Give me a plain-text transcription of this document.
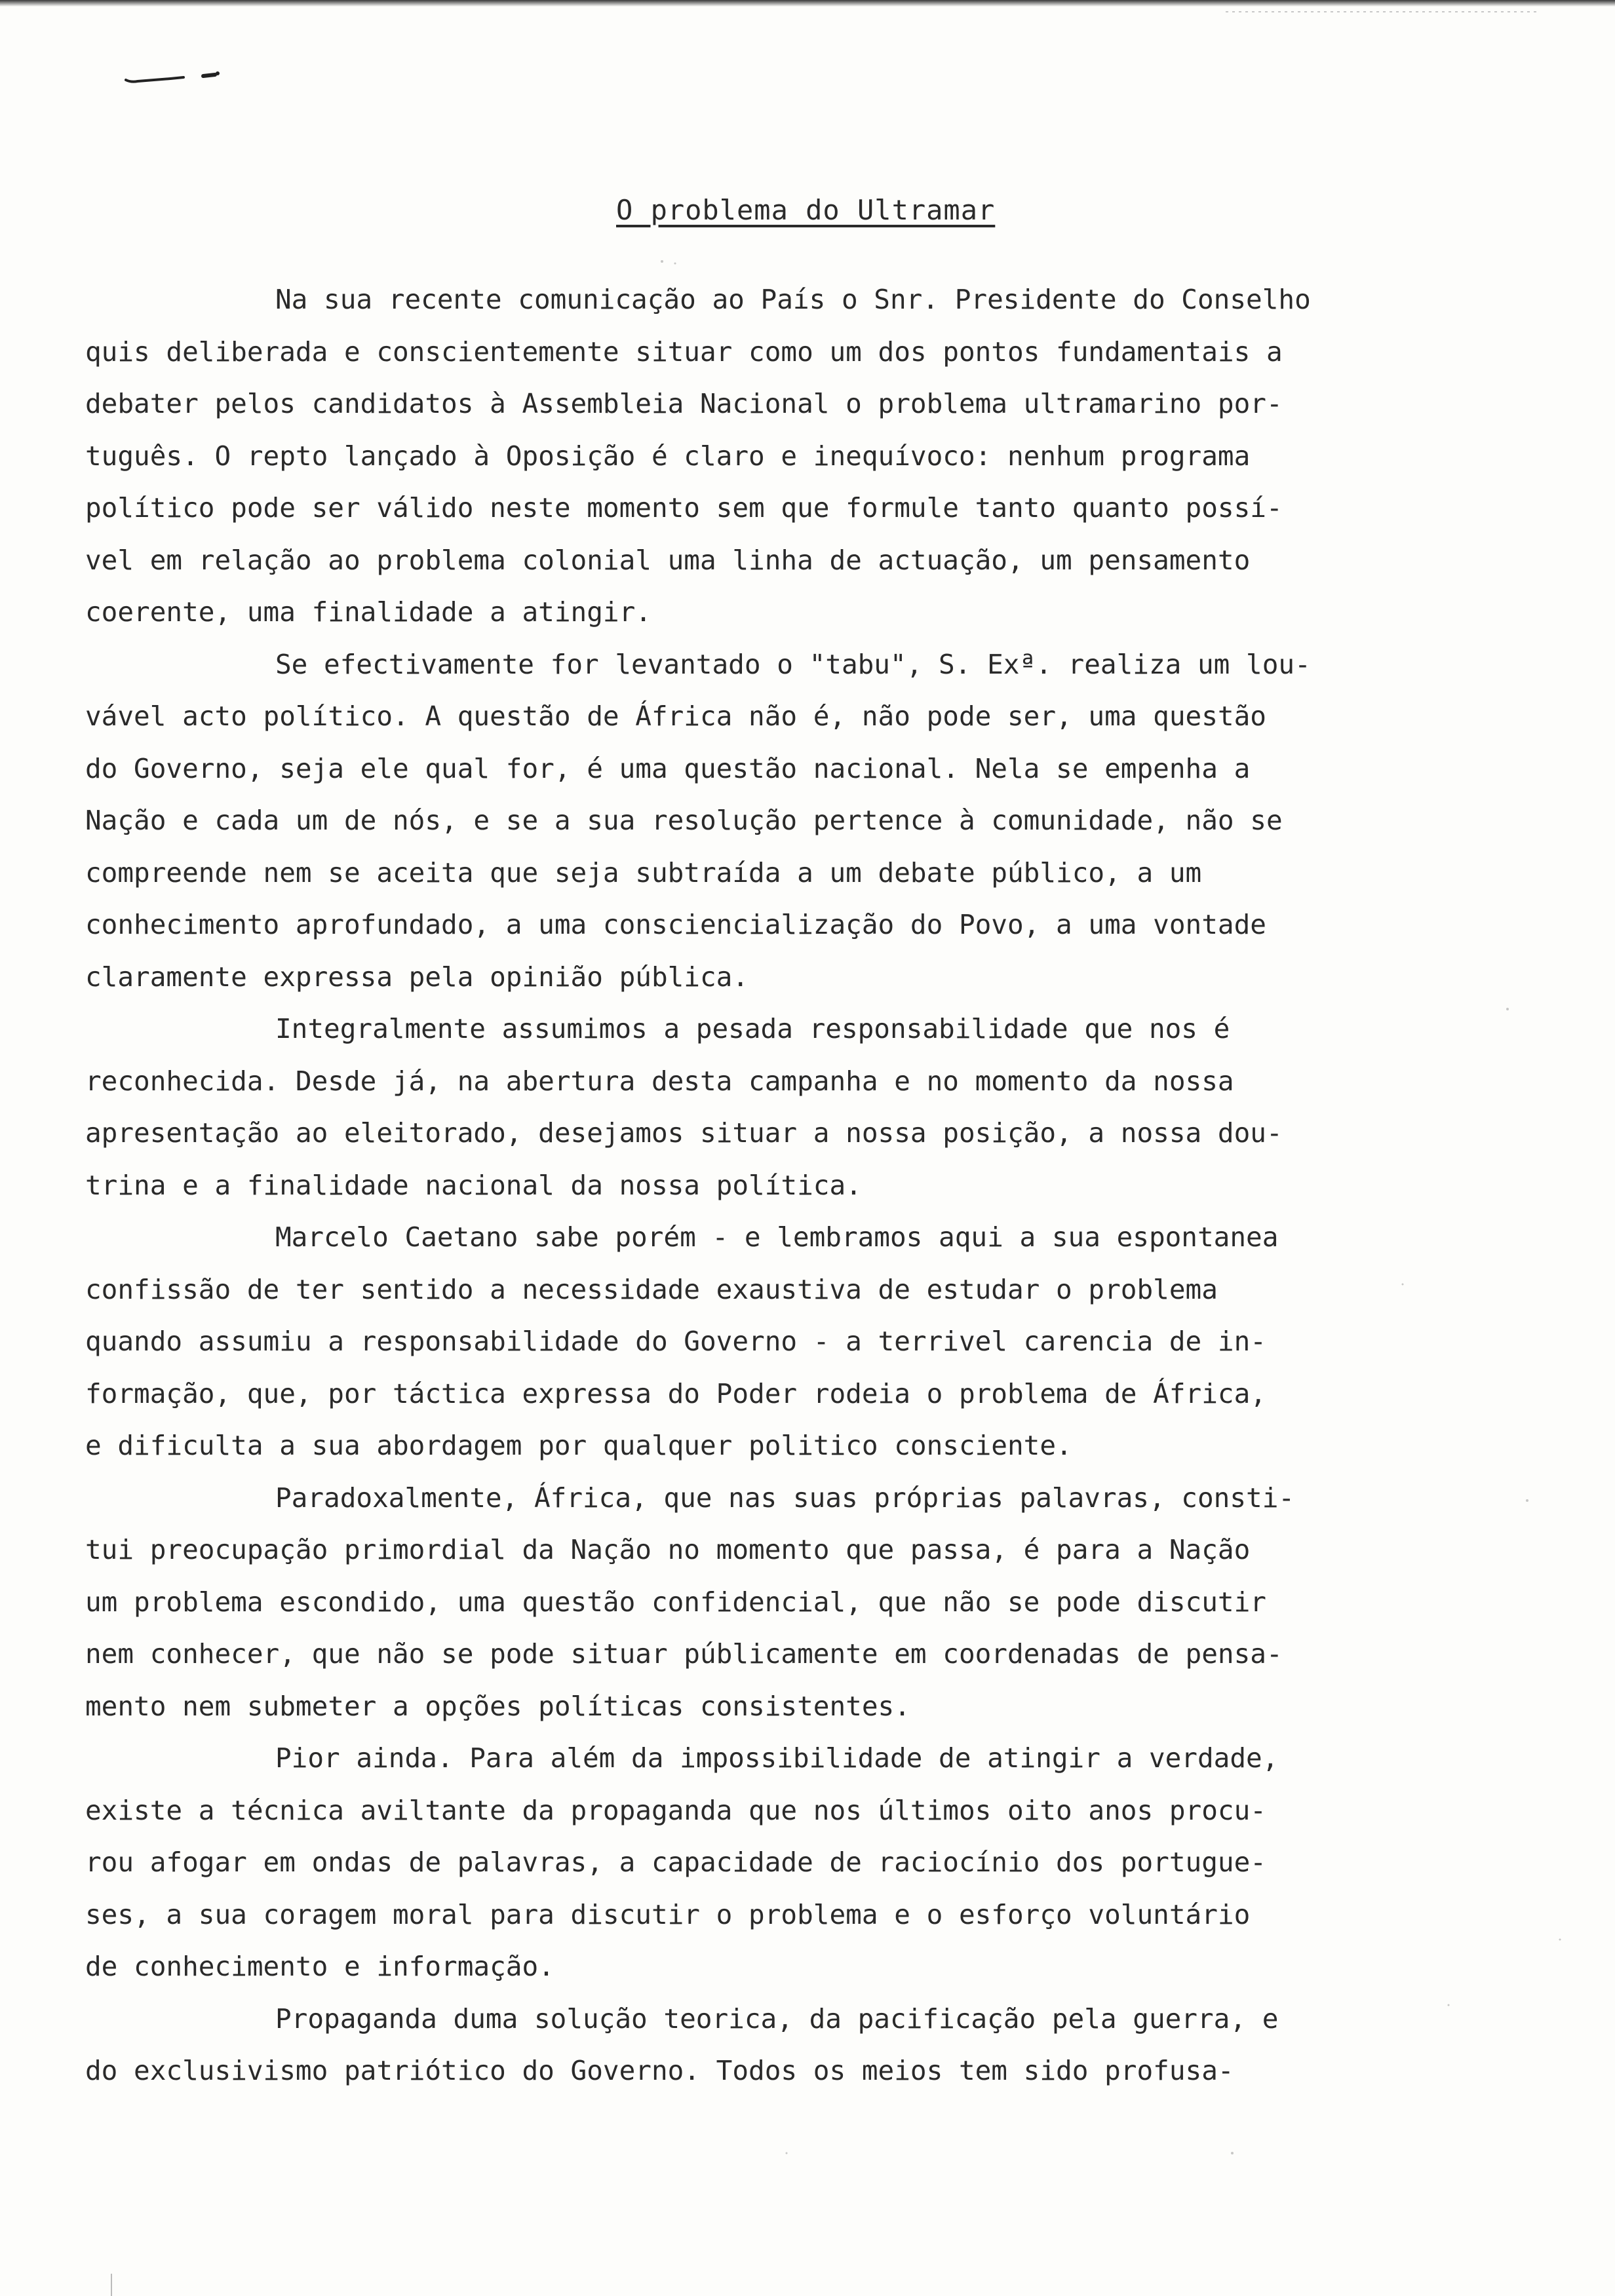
O problema do Ultramar
Na sua recente comunicação ao País o Snr. Presidente do Conselho
quis deliberada e conscientemente situar como um dos pontos fundamentais a
debater pelos candidatos à Assembleia Nacional o problema ultramarino por-
tuguês. O repto lançado à Oposição é claro e inequívoco: nenhum programa
político pode ser válido neste momento sem que formule tanto quanto possí-
vel em relação ao problema colonial uma linha de actuação, um pensamento
coerente, uma finalidade a atingir.
Se efectivamente for levantado o "tabu", S. Exª. realiza um lou-
vável acto político. A questão de África não é, não pode ser, uma questão
do Governo, seja ele qual for, é uma questão nacional. Nela se empenha a
Nação e cada um de nós, e se a sua resolução pertence à comunidade, não se
compreende nem se aceita que seja subtraída a um debate público, a um
conhecimento aprofundado, a uma consciencialização do Povo, a uma vontade
claramente expressa pela opinião pública.
Integralmente assumimos a pesada responsabilidade que nos é
reconhecida. Desde já, na abertura desta campanha e no momento da nossa
apresentação ao eleitorado, desejamos situar a nossa posição, a nossa dou-
trina e a finalidade nacional da nossa política.
Marcelo Caetano sabe porém - e lembramos aqui a sua espontanea
confissão de ter sentido a necessidade exaustiva de estudar o problema
quando assumiu a responsabilidade do Governo - a terrivel carencia de in-
formação, que, por táctica expressa do Poder rodeia o problema de África,
e dificulta a sua abordagem por qualquer politico consciente.
Paradoxalmente, África, que nas suas próprias palavras, consti-
tui preocupação primordial da Nação no momento que passa, é para a Nação
um problema escondido, uma questão confidencial, que não se pode discutir
nem conhecer, que não se pode situar públicamente em coordenadas de pensa-
mento nem submeter a opções políticas consistentes.
Pior ainda. Para além da impossibilidade de atingir a verdade,
existe a técnica aviltante da propaganda que nos últimos oito anos procu-
rou afogar em ondas de palavras, a capacidade de raciocínio dos portugue-
ses, a sua coragem moral para discutir o problema e o esforço voluntário
de conhecimento e informação.
Propaganda duma solução teorica, da pacificação pela guerra, e
do exclusivismo patriótico do Governo. Todos os meios tem sido profusa-
